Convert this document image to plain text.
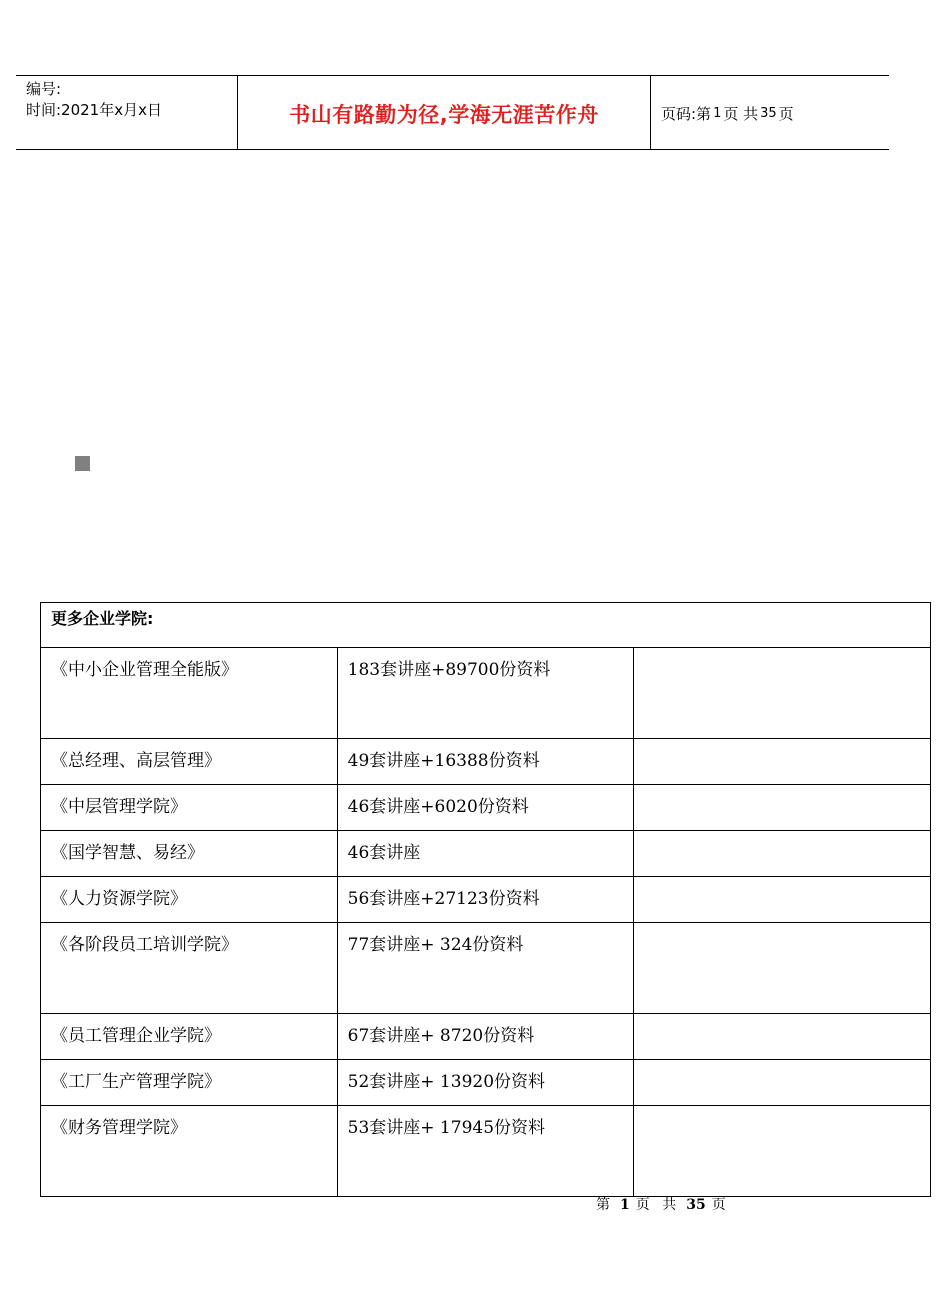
编号:
时间:2021年x月x日	书山有路勤为径,学海无涯苦作舟	页码:第 1 页 共 35 页
更多企业学院:		
《中小企业管理全能版》	183套讲座+89700份资料	
《总经理、高层管理》	49套讲座+16388份资料	
《中层管理学院》	46套讲座+6020份资料	
《国学智慧、易经》	46套讲座	
《人力资源学院》	56套讲座+27123份资料	
《各阶段员工培训学院》	77套讲座+ 324份资料	
《员工管理企业学院》	67套讲座+ 8720份资料	
《工厂生产管理学院》	52套讲座+ 13920份资料	
《财务管理学院》	53套讲座+ 17945份资料	
第 1 页 共 35 页
